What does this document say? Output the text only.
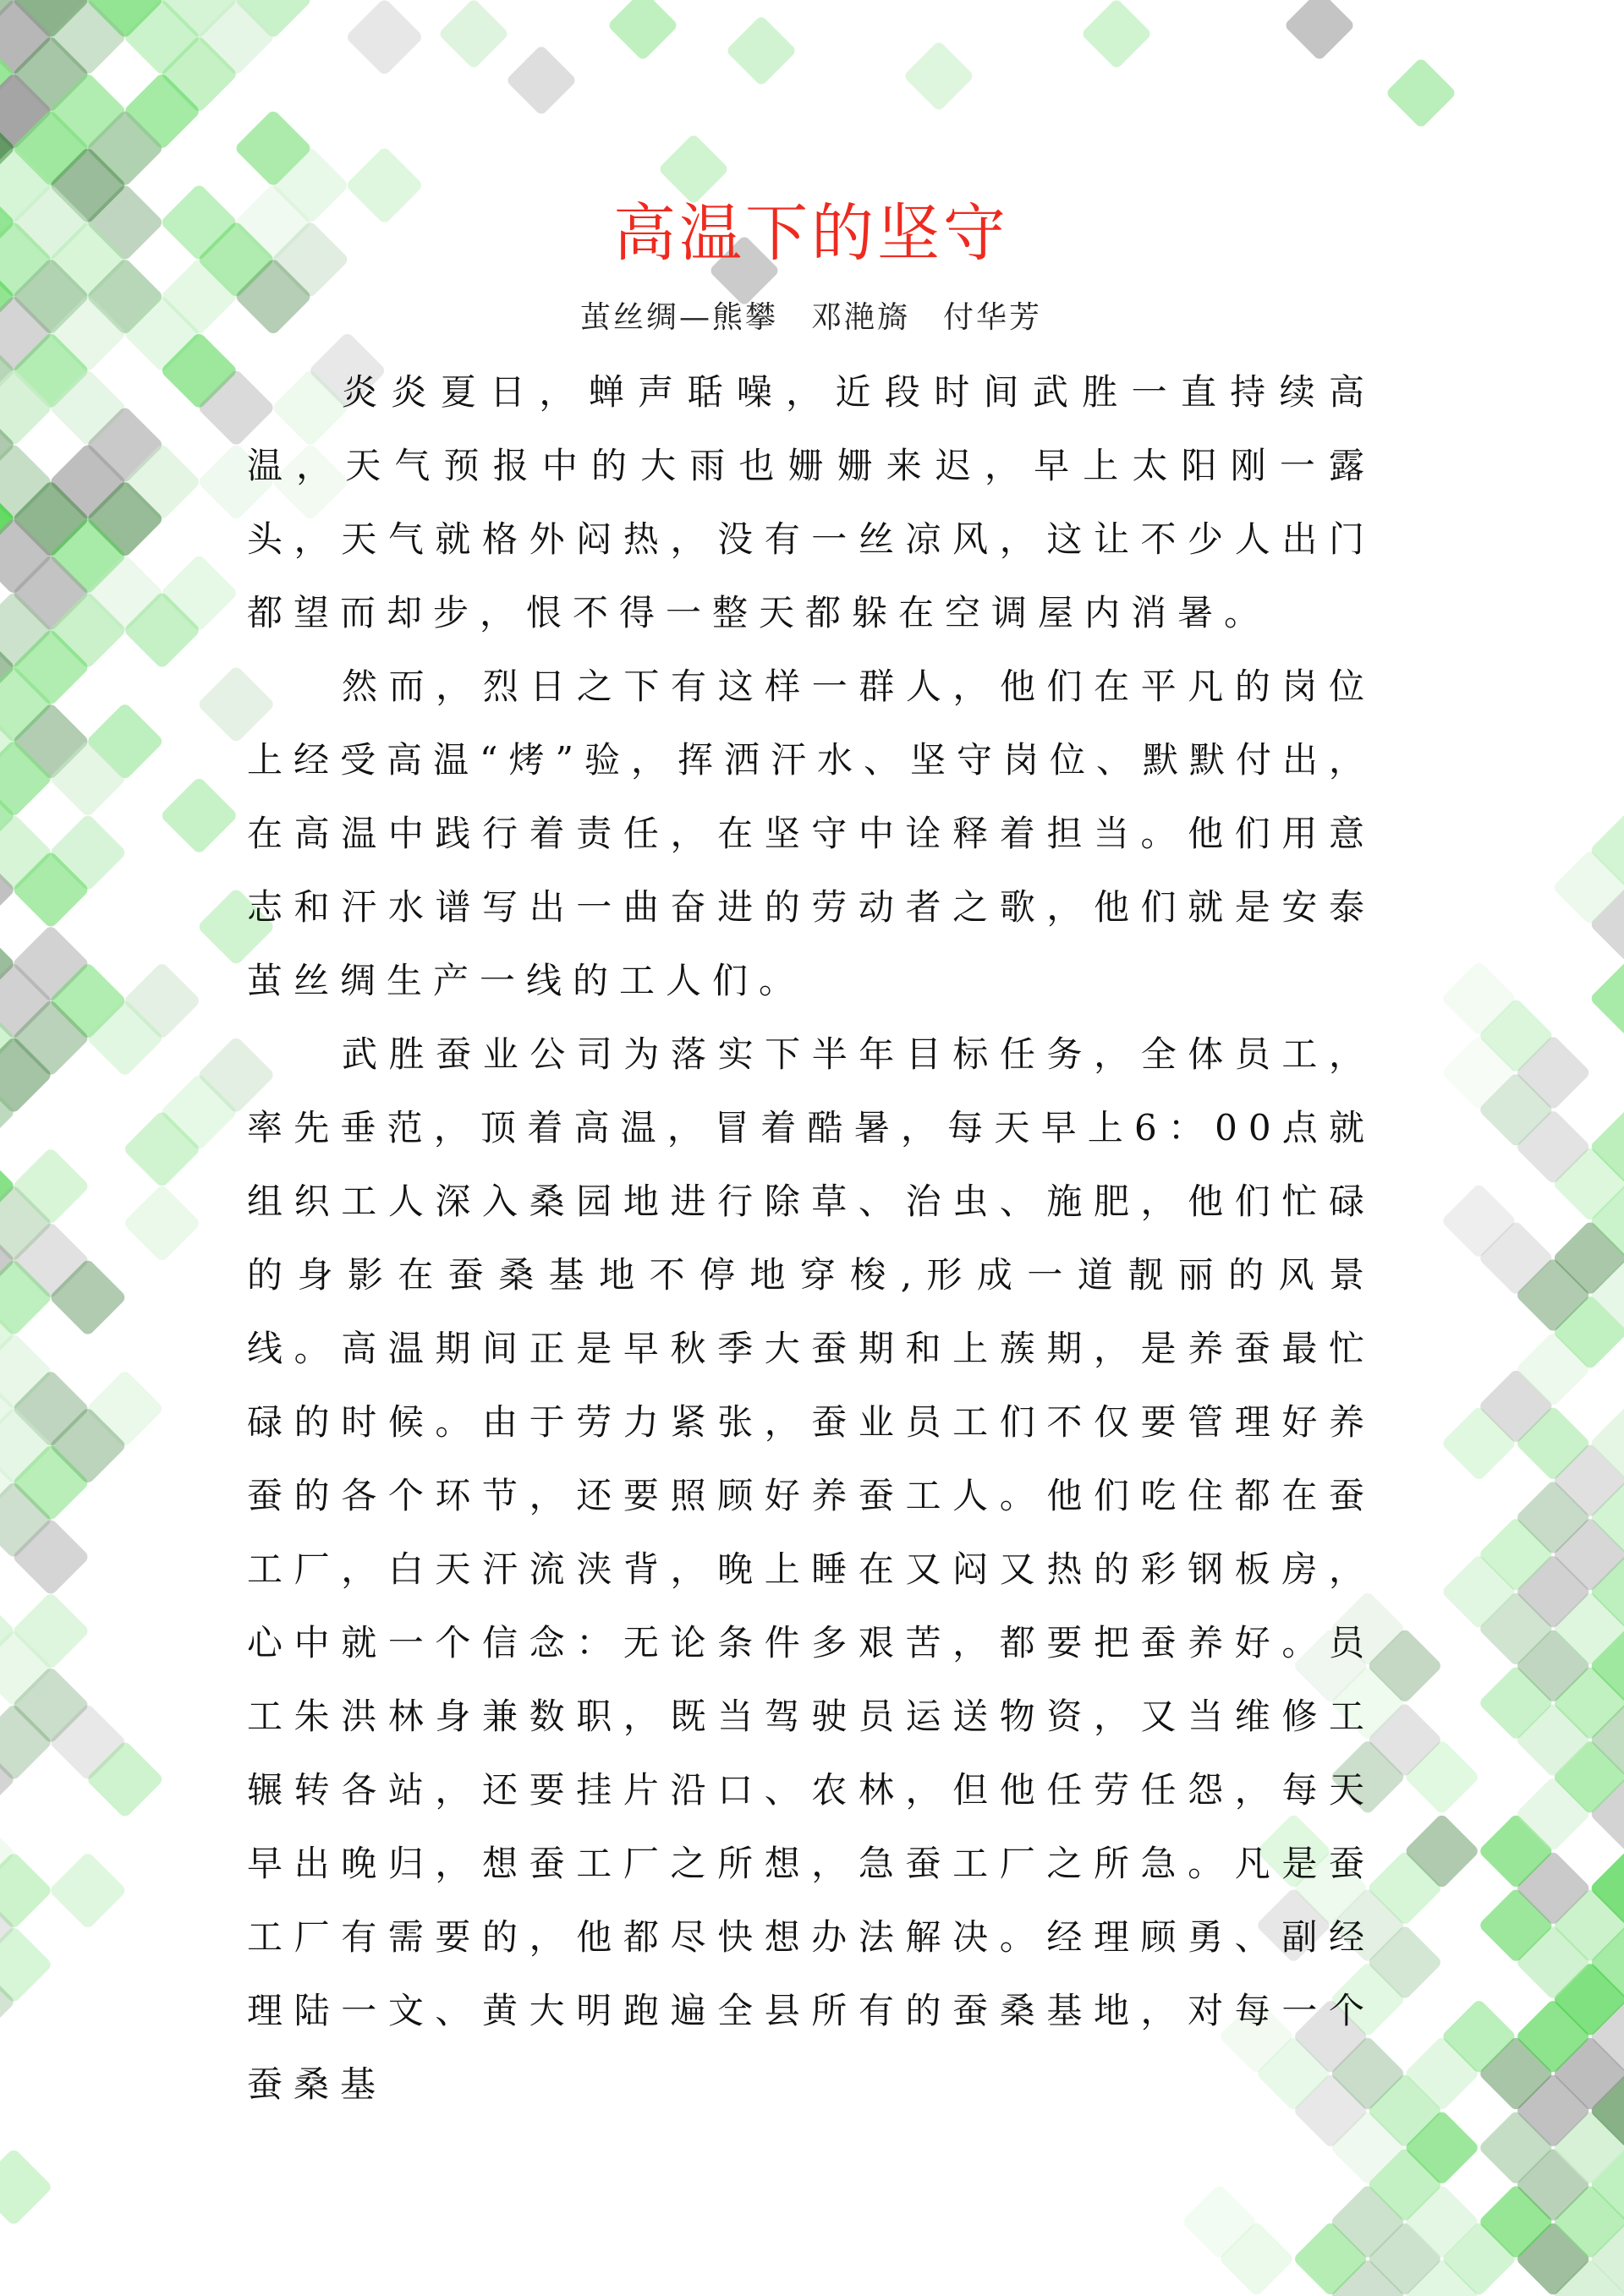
高温下的坚守

茧丝绸—熊攀　邓滟旖　付华芳

炎炎夏日，蝉声聒噪，近段时间武胜一直持续高温，天气预报中的大雨也姗姗来迟，早上太阳刚一露头，天气就格外闷热，没有一丝凉风，这让不少人出门都望而却步，恨不得一整天都躲在空调屋内消暑。

然而，烈日之下有这样一群人，他们在平凡的岗位上经受高温“烤”验，挥洒汗水、坚守岗位、默默付出，在高温中践行着责任，在坚守中诠释着担当。他们用意志和汗水谱写出一曲奋进的劳动者之歌，他们就是安泰茧丝绸生产一线的工人们。

武胜蚕业公司为落实下半年目标任务，全体员工，率先垂范，顶着高温，冒着酷暑，每天早上6：00点就组织工人深入桑园地进行除草、治虫、施肥，他们忙碌的身影在蚕桑基地不停地穿梭,形成一道靓丽的风景线。高温期间正是早秋季大蚕期和上蔟期，是养蚕最忙碌的时候。由于劳力紧张，蚕业员工们不仅要管理好养蚕的各个环节，还要照顾好养蚕工人。他们吃住都在蚕工厂，白天汗流浃背，晚上睡在又闷又热的彩钢板房，心中就一个信念：无论条件多艰苦，都要把蚕养好。员工朱洪林身兼数职，既当驾驶员运送物资，又当维修工辗转各站，还要挂片沿口、农林，但他任劳任怨，每天早出晚归，想蚕工厂之所想，急蚕工厂之所急。凡是蚕工厂有需要的，他都尽快想办法解决。经理顾勇、副经理陆一文、黄大明跑遍全县所有的蚕桑基地，对每一个蚕桑基
